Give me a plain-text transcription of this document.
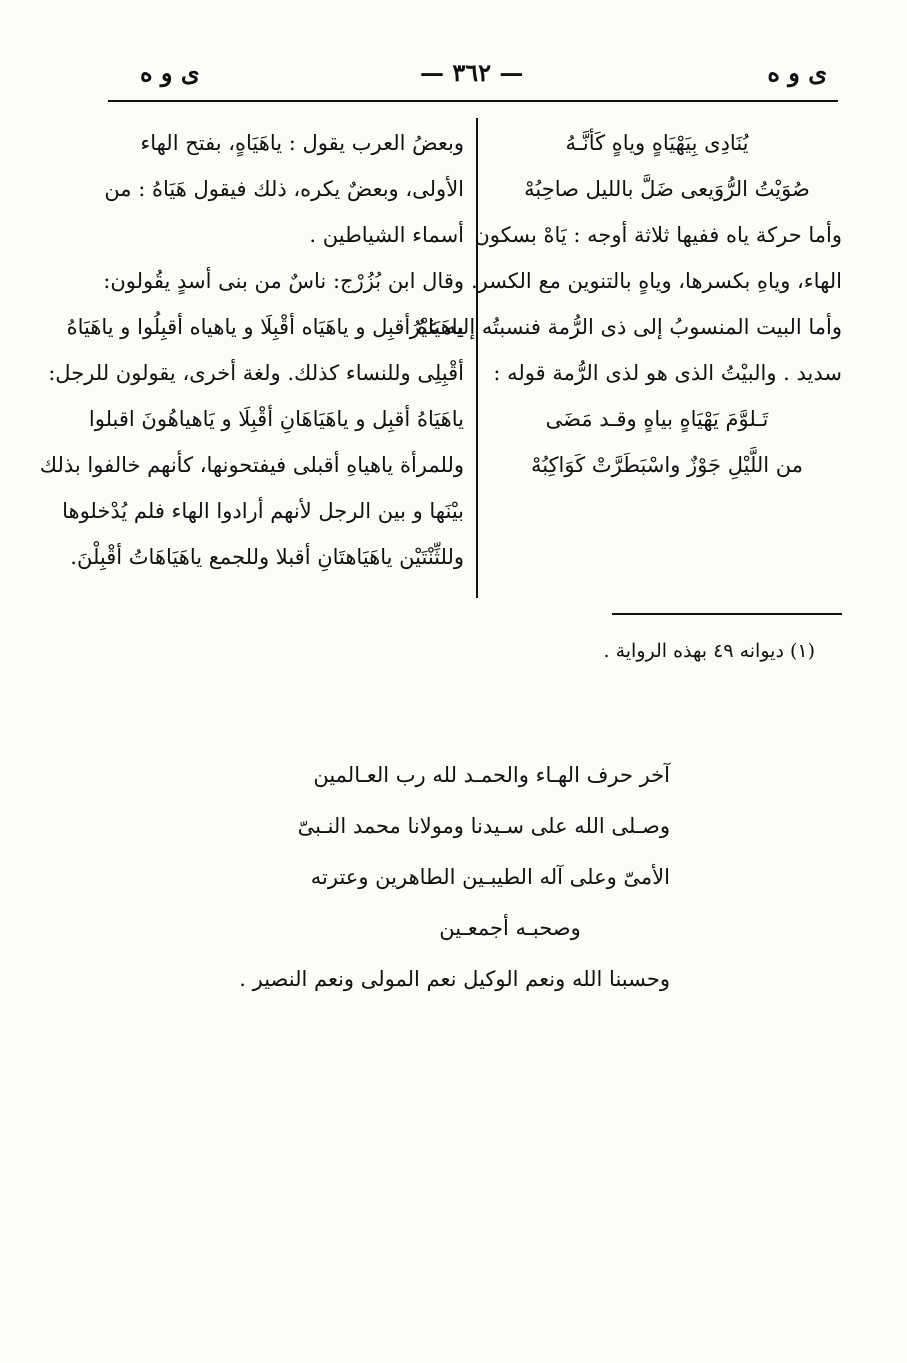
ى و ه
— ٣٦٢ —
ى و ه
يُنَادِى بِيَهْيَاهٍ وياهٍ كَأنَّـهُ
صُوَيْتُ الرُّوَيعى ضَلَّ بالليل صاحِبُهْ
وأما حركة ياه ففيها ثلاثة أوجه : يَاهْ بسكون
الهاء، وياهِ بكسرها، وياهٍ بالتنوين مع الكسر.
وأما البيت المنسوبُ إلى ذى الرُّمة فنسبتُه إليه غيْرُ
سديد . والبيْتُ الذى هو لذى الرُّمة قوله :
تَـلوَّمَ يَهْيَاهٍ بياهٍ وقـد مَضَى
من اللَّيْلِ جَوْزٌ واسْبَطَرَّتْ كَوَاكِبُهْ
وبعضُ العرب يقول : ياهَيَاهٍ، بفتح الهاء
الأولى، وبعضٌ يكره، ذلك فيقول هَيَاهُ : من
أسماء الشياطين .
وقال ابن بُزُرْج: ناسٌ من بنى أسدٍ يقُولون:
ياهَيَاهُ أقبِل و ياهَيَاه أقْبِلَا و ياهياه أقبِلُوا و ياهَيَاهُ
أقْبِلِى وللنساء كذلك. ولغة أخرى، يقولون للرجل:
ياهَيَاهُ أقبِل و ياهَيَاهَانِ أقْبِلَا و يَاهياهُونَ اقبلوا
وللمرأة ياهياهِ أقبلى فيفتحونها، كأنهم خالفوا بذلك
بيْنَها و بين الرجل لأنهم أرادوا الهاء فلم يُدْخلوها
وللثِّنْتَيْن ياهَيَاهتَانِ أقبلا وللجمع ياهَيَاهَاتُ أقْبِلْنَ.
(١) ديوانه ٤٩ بهذه الرواية .
آخر حرف الهـاء والحمـد لله رب العـالمين
وصـلى الله على سـيدنا ومولانا محمد النـبىّ
الأمىّ وعلى آله الطيبـين الطاهرين وعترته
وصحبـه أجمعـين
وحسبنا الله ونعم الوكيل نعم المولى ونعم النصير .
